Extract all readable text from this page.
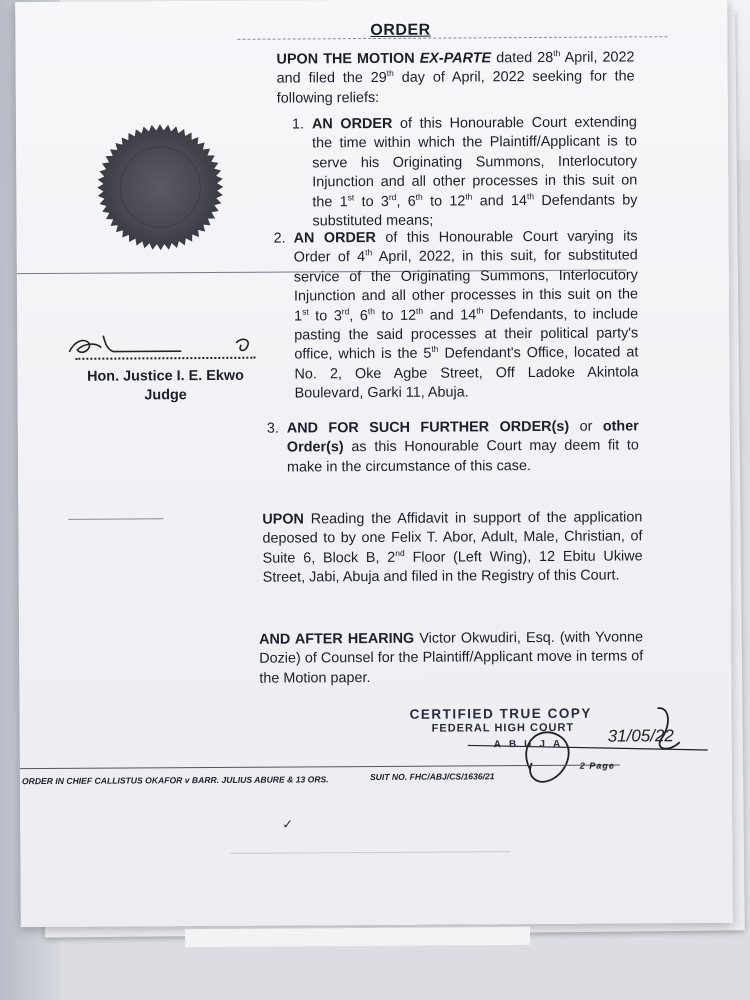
ORDER
UPON THE MOTION EX-PARTE dated 28th April, 2022 and filed the 29th day of April, 2022 seeking for the following reliefs:
1. AN ORDER of this Honourable Court extending the time within which the Plaintiff/Applicant is to serve his Originating Summons, Interlocutory Injunction and all other processes in this suit on the 1st to 3rd, 6th to 12th and 14th Defendants by substituted means;
2. AN ORDER of this Honourable Court varying its Order of 4th April, 2022, in this suit, for substituted service of the Originating Summons, Interlocutory Injunction and all other processes in this suit on the 1st to 3rd, 6th to 12th and 14th Defendants, to include pasting the said processes at their political party's office, which is the 5th Defendant's Office, located at No. 2, Oke Agbe Street, Off Ladoke Akintola Boulevard, Garki 11, Abuja.
Hon. Justice I. E. Ekwo
Judge
3. AND FOR SUCH FURTHER ORDER(s) or other Order(s) as this Honourable Court may deem fit to make in the circumstance of this case.
UPON Reading the Affidavit in support of the application deposed to by one Felix T. Abor, Adult, Male, Christian, of Suite 6, Block B, 2nd Floor (Left Wing), 12 Ebitu Ukiwe Street, Jabi, Abuja and filed in the Registry of this Court.
AND AFTER HEARING Victor Okwudiri, Esq. (with Yvonne Dozie) of Counsel for the Plaintiff/Applicant move in terms of the Motion paper.
CERTIFIED TRUE COPY
FEDERAL HIGH COURT
ABUJA 31/05/22
ORDER IN CHIEF CALLISTUS OKAFOR v BARR. JULIUS ABURE & 13 ORS.	SUIT NO. FHC/ABJ/CS/1636/21
2 Page
✓
